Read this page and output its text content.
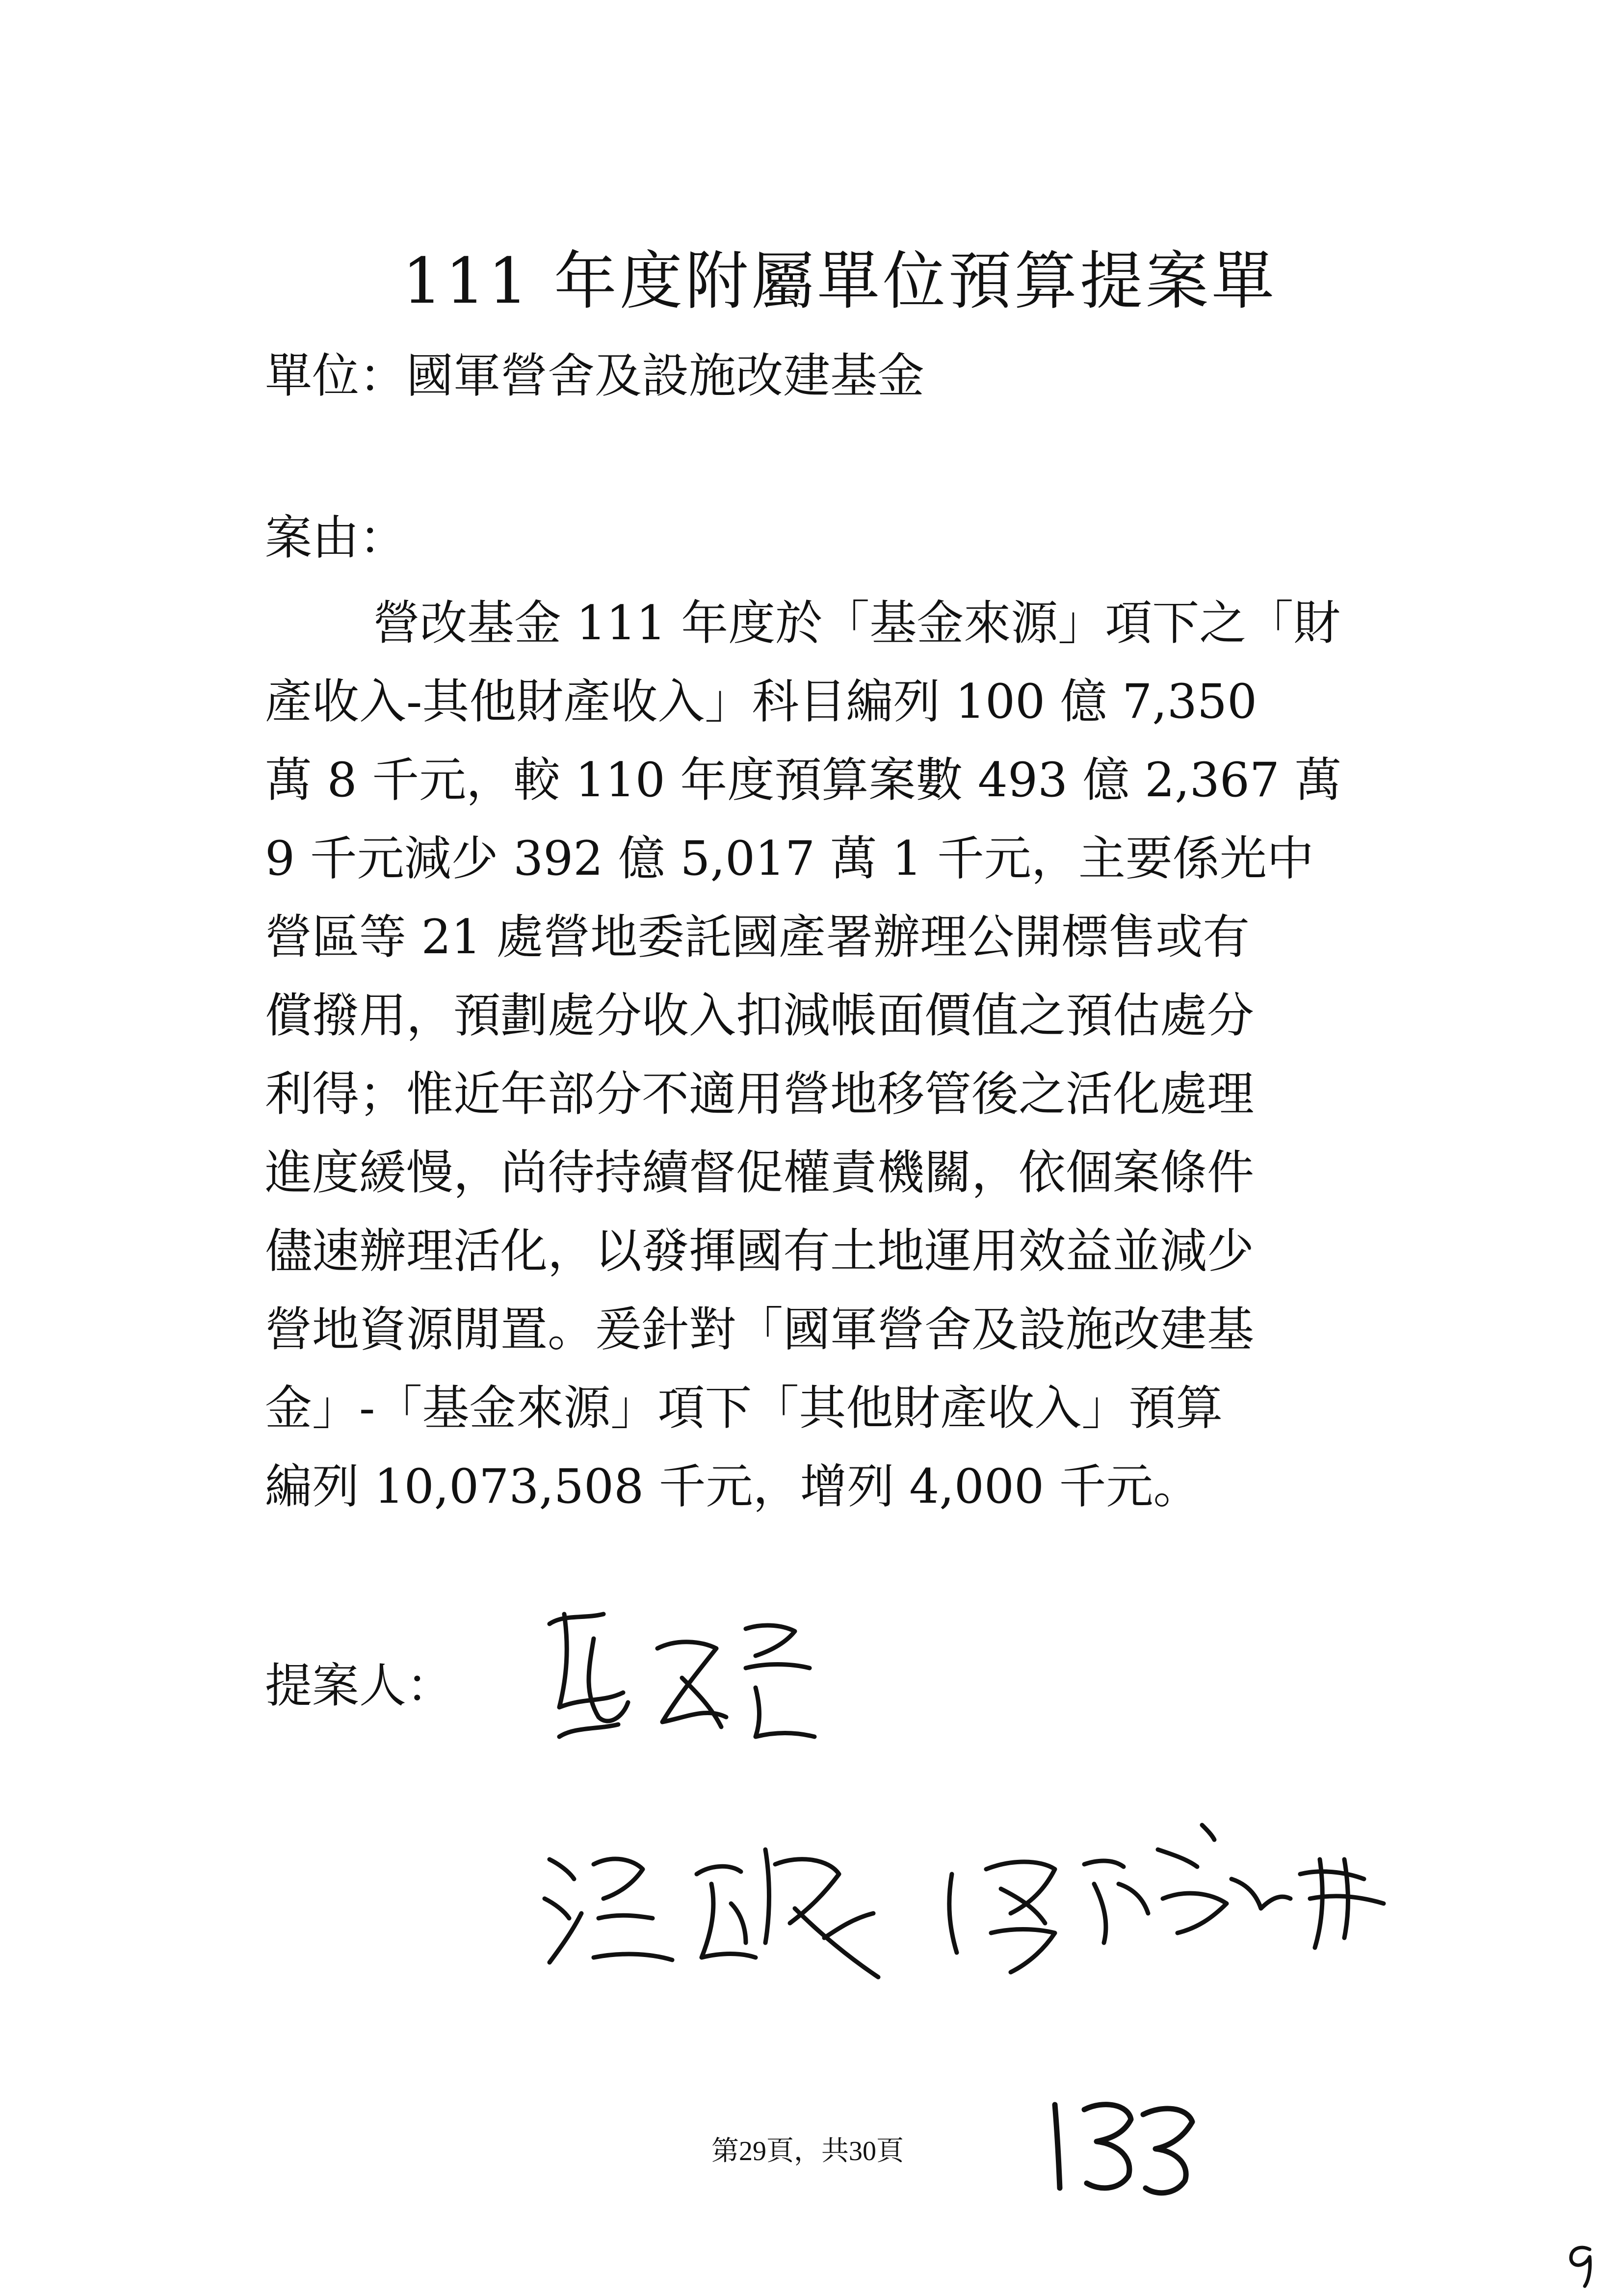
111 年度附屬單位預算提案單
單位：國軍營舍及設施改建基金
案由：
營改基金 111 年度於「基金來源」項下之「財
產收入-其他財產收入」科目編列 100 億 7,350
萬 8 千元，較 110 年度預算案數 493 億 2,367 萬
9 千元減少 392 億 5,017 萬 1 千元，主要係光中
營區等 21 處營地委託國產署辦理公開標售或有
償撥用，預劃處分收入扣減帳面價值之預估處分
利得；惟近年部分不適用營地移管後之活化處理
進度緩慢，尚待持續督促權責機關，依個案條件
儘速辦理活化，以發揮國有土地運用效益並減少
營地資源閒置。爰針對「國軍營舍及設施改建基
金」-「基金來源」項下「其他財產收入」預算
編列 10,073,508 千元，增列 4,000 千元。
提案人：
第29頁，共30頁
